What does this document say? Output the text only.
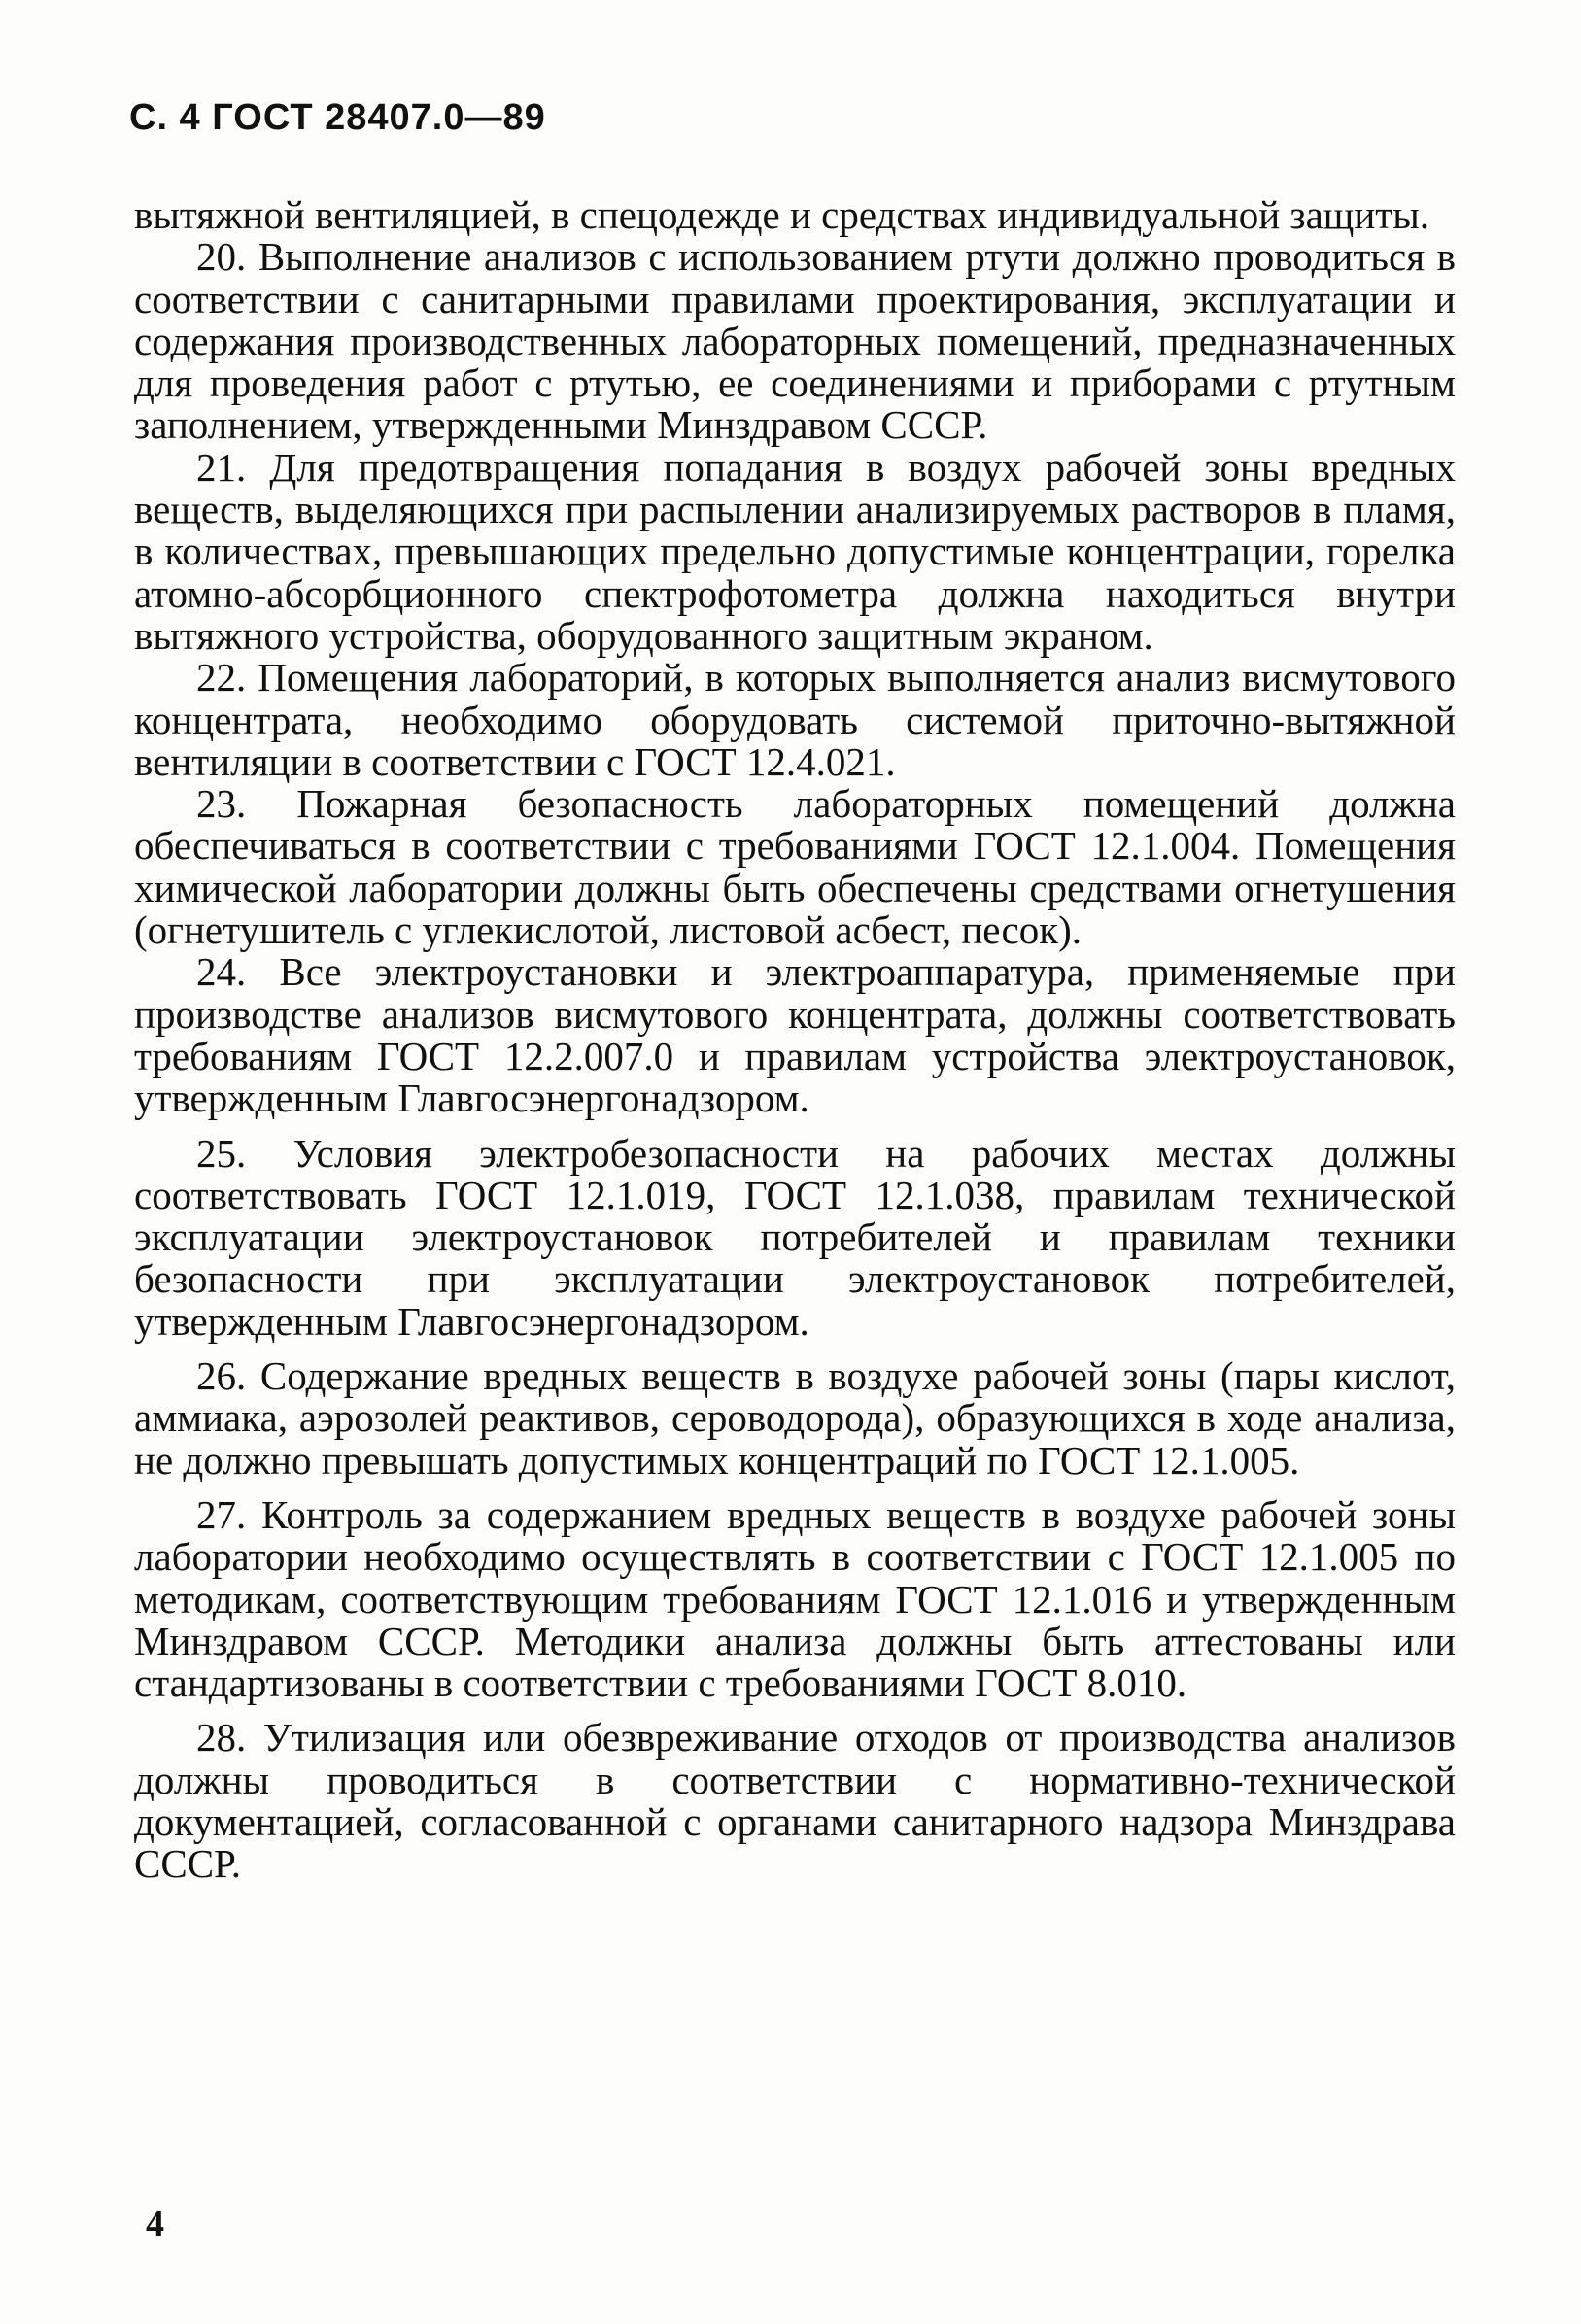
С. 4 ГОСТ 28407.0—89

вытяжной вентиляцией, в спецодежде и средствах индивидуальной защиты.

20. Выполнение анализов с использованием ртути должно проводиться в соответствии с санитарными правилами проектирования, эксплуатации и содержания производственных лабораторных помещений, предназначенных для проведения работ с ртутью, ее соединениями и приборами с ртутным заполнением, утвержденными Минздравом СССР.

21. Для предотвращения попадания в воздух рабочей зоны вредных веществ, выделяющихся при распылении анализируемых растворов в пламя, в количествах, превышающих предельно допустимые концентрации, горелка атомно-абсорбционного спектрофотометра должна находиться внутри вытяжного устройства, оборудованного защитным экраном.

22. Помещения лабораторий, в которых выполняется анализ висмутового концентрата, необходимо оборудовать системой приточно-вытяжной вентиляции в соответствии с ГОСТ 12.4.021.

23. Пожарная безопасность лабораторных помещений должна обеспечиваться в соответствии с требованиями ГОСТ 12.1.004. Помещения химической лаборатории должны быть обеспечены средствами огнетушения (огнетушитель с углекислотой, листовой асбест, песок).

24. Все электроустановки и электроаппаратура, применяемые при производстве анализов висмутового концентрата, должны соответствовать требованиям ГОСТ 12.2.007.0 и правилам устройства электроустановок, утвержденным Главгосэнергонадзором.

25. Условия электробезопасности на рабочих местах должны соответствовать ГОСТ 12.1.019, ГОСТ 12.1.038, правилам технической эксплуатации электроустановок потребителей и правилам техники безопасности при эксплуатации электроустановок потребителей, утвержденным Главгосэнергонадзором.

26. Содержание вредных веществ в воздухе рабочей зоны (пары кислот, аммиака, аэрозолей реактивов, сероводорода), образующихся в ходе анализа, не должно превышать допустимых концентраций по ГОСТ 12.1.005.

27. Контроль за содержанием вредных веществ в воздухе рабочей зоны лаборатории необходимо осуществлять в соответствии с ГОСТ 12.1.005 по методикам, соответствующим требованиям ГОСТ 12.1.016 и утвержденным Минздравом СССР. Методики анализа должны быть аттестованы или стандартизованы в соответствии с требованиями ГОСТ 8.010.

28. Утилизация или обезвреживание отходов от производства анализов должны проводиться в соответствии с нормативно-технической документацией, согласованной с органами санитарного надзора Минздрава СССР.

4
